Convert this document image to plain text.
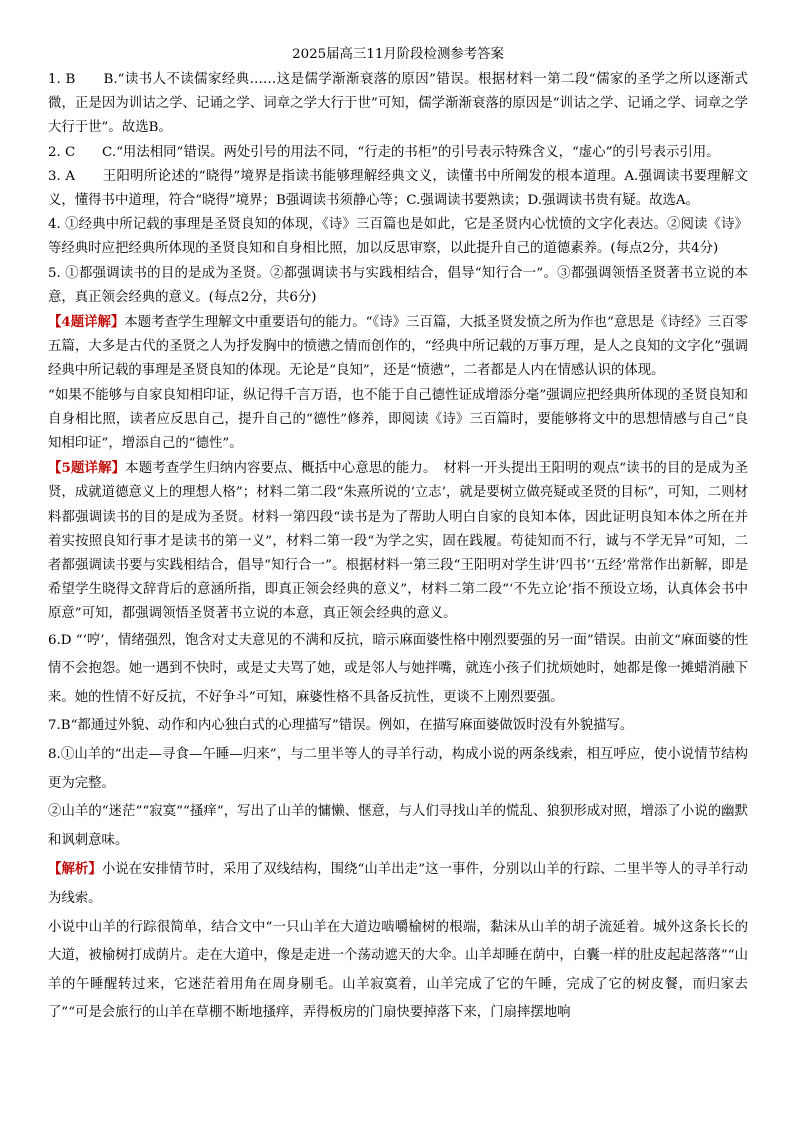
2025届高三11月阶段检测参考答案

1. B　　B.“读书人不读儒家经典……这是儒学渐渐衰落的原因”错误。根据材料一第二段“儒家的圣学之所以逐渐式微，正是因为训诂之学、记诵之学、词章之学大行于世”可知，儒学渐渐衰落的原因是“训诂之学、记诵之学、词章之学大行于世”。故选B。

2. C　　C.“用法相同”错误。两处引号的用法不同，“行走的书柜”的引号表示特殊含义，“虚心”的引号表示引用。

3. A　　王阳明所论述的“晓得”境界是指读书能够理解经典文义，读懂书中所阐发的根本道理。A.强调读书要理解文义，懂得书中道理，符合“晓得”境界；B强调读书须静心等；C.强调读书要熟读；D.强调读书贵有疑。故选A。

4. ①经典中所记载的事理是圣贤良知的体现，《诗》三百篇也是如此，它是圣贤内心忧愤的文字化表达。②阅读《诗》等经典时应把经典所体现的圣贤良知和自身相比照，加以反思审察，以此提升自己的道德素养。(每点2分，共4分)

5. ①都强调读书的目的是成为圣贤。②都强调读书与实践相结合，倡导“知行合一”。③都强调领悟圣贤著书立说的本意，真正领会经典的意义。(每点2分，共6分)

【4题详解】本题考查学生理解文中重要语句的能力。“《诗》三百篇，大抵圣贤发愤之所为作也”意思是《诗经》三百零五篇，大多是古代的圣贤之人为抒发胸中的愤懑之情而创作的，“经典中所记载的万事万理，是人之良知的文字化”强调经典中所记载的事理是圣贤良知的体现。无论是“良知”，还是“愤懑”，二者都是人内在情感认识的体现。

“如果不能够与自家良知相印证，纵记得千言万语，也不能于自己德性证成增添分毫”强调应把经典所体现的圣贤良知和自身相比照，读者应反思自己，提升自己的“德性”修养，即阅读《诗》三百篇时，要能够将文中的思想情感与自己“良知相印证”，增添自己的“德性”。

【5题详解】本题考查学生归纳内容要点、概括中心意思的能力。　材料一开头提出王阳明的观点“读书的目的是成为圣贤，成就道德意义上的理想人格”；材料二第二段“朱熹所说的‘立志’，就是要树立做亮疑或圣贤的目标”，可知，二则材料都强调读书的目的是成为圣贤。材料一第四段“读书是为了帮助人明白自家的良知本体，因此证明良知本体之所在并着实按照良知行事才是读书的第一义”，材料二第一段“为学之实，固在践履。苟徒知而不行，诚与不学无异”可知，二者都强调读书要与实践相结合，倡导“知行合一”。根据材料一第三段“王阳明对学生讲‘四书’‘五经’常常作出新解，即是希望学生晓得文辞背后的意涵所指，即真正领会经典的意义”，材料二第二段“‘不先立论’指不预设立场，认真体会书中原意”可知，都强调领悟圣贤著书立说的本意，真正领会经典的意义。

6.D “‘哼’，情绪强烈，饱含对丈夫意见的不满和反抗，暗示麻面婆性格中刚烈要强的另一面”错误。由前文“麻面婆的性情不会抱怨。她一遇到不快时，或是丈夫骂了她，或是邻人与她拌嘴，就连小孩子们扰烦她时，她都是像一摊蜡消融下来。她的性情不好反抗，不好争斗”可知，麻婆性格不具备反抗性，更谈不上刚烈要强。

7.B“都通过外貌、动作和内心独白式的心理描写”错误。例如，在描写麻面婆做饭时没有外貌描写。

8.①山羊的“出走—寻食—午睡—归来”，与二里半等人的寻羊行动，构成小说的两条线索，相互呼应，使小说情节结构更为完整。

②山羊的“迷茫”“寂寞”“搔痒”，写出了山羊的慵懒、惬意，与人们寻找山羊的慌乱、狼狈形成对照，增添了小说的幽默和讽刺意味。

【解析】小说在安排情节时，采用了双线结构，围绕“山羊出走”这一事件，分别以山羊的行踪、二里半等人的寻羊行动为线索。

小说中山羊的行踪很简单，结合文中“一只山羊在大道边啮嚼榆树的根端，黏沫从山羊的胡子流延着。城外这条长长的大道，被榆树打成荫片。走在大道中，像是走进一个荡动遮天的大伞。山羊却睡在荫中，白囊一样的肚皮起起落落”“山羊的午睡醒转过来，它迷茫着用角在周身剔毛。山羊寂寞着，山羊完成了它的午睡，完成了它的树皮餐，而归家去了”“可是会旅行的山羊在草棚不断地搔痒，弄得板房的门扇快要掉落下来，门扇摔摆地响
